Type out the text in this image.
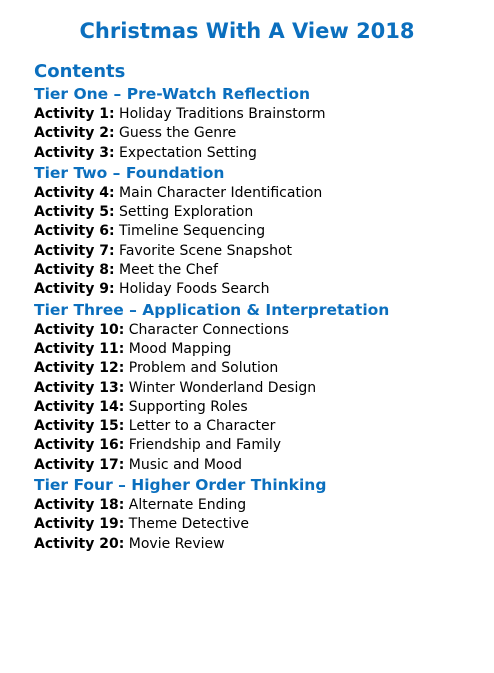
Christmas With A View 2018
Contents
Tier One – Pre-Watch Reflection
Activity 1: Holiday Traditions Brainstorm
Activity 2: Guess the Genre
Activity 3: Expectation Setting
Tier Two – Foundation
Activity 4: Main Character Identification
Activity 5: Setting Exploration
Activity 6: Timeline Sequencing
Activity 7: Favorite Scene Snapshot
Activity 8: Meet the Chef
Activity 9: Holiday Foods Search
Tier Three – Application & Interpretation
Activity 10: Character Connections
Activity 11: Mood Mapping
Activity 12: Problem and Solution
Activity 13: Winter Wonderland Design
Activity 14: Supporting Roles
Activity 15: Letter to a Character
Activity 16: Friendship and Family
Activity 17: Music and Mood
Tier Four – Higher Order Thinking
Activity 18: Alternate Ending
Activity 19: Theme Detective
Activity 20: Movie Review
